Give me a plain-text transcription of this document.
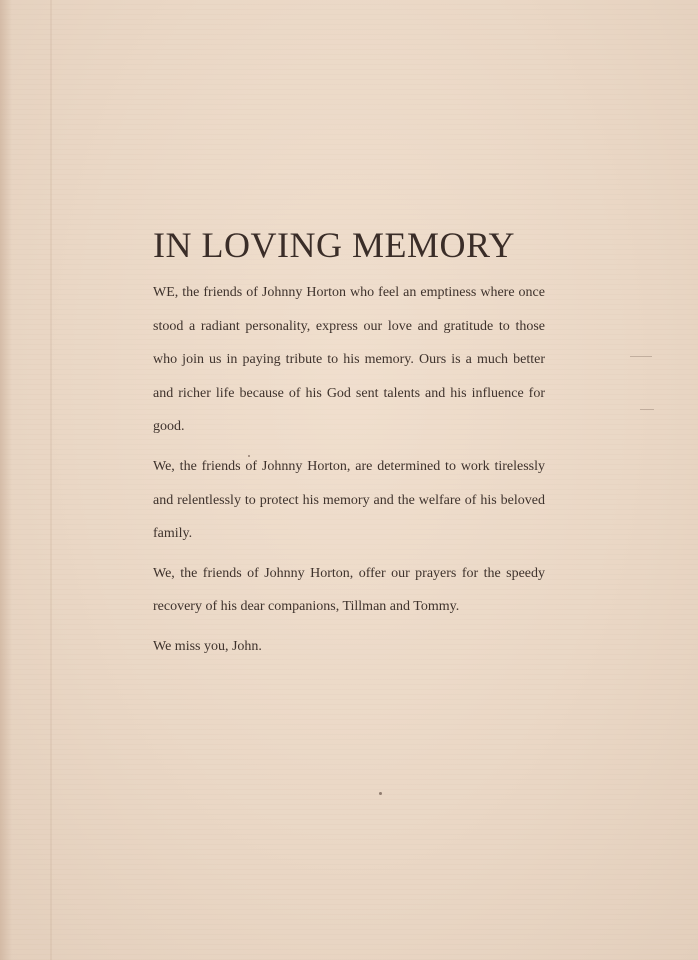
IN LOVING MEMORY

WE, the friends of Johnny Horton who feel an emptiness where once stood a radiant personality, express our love and gratitude to those who join us in paying tribute to his memory. Ours is a much better and richer life because of his God sent talents and his influence for good.

We, the friends of Johnny Horton, are determined to work tirelessly and relentlessly to protect his memory and the welfare of his beloved family.

We, the friends of Johnny Horton, offer our prayers for the speedy recovery of his dear companions, Tillman and Tommy.

We miss you, John.
